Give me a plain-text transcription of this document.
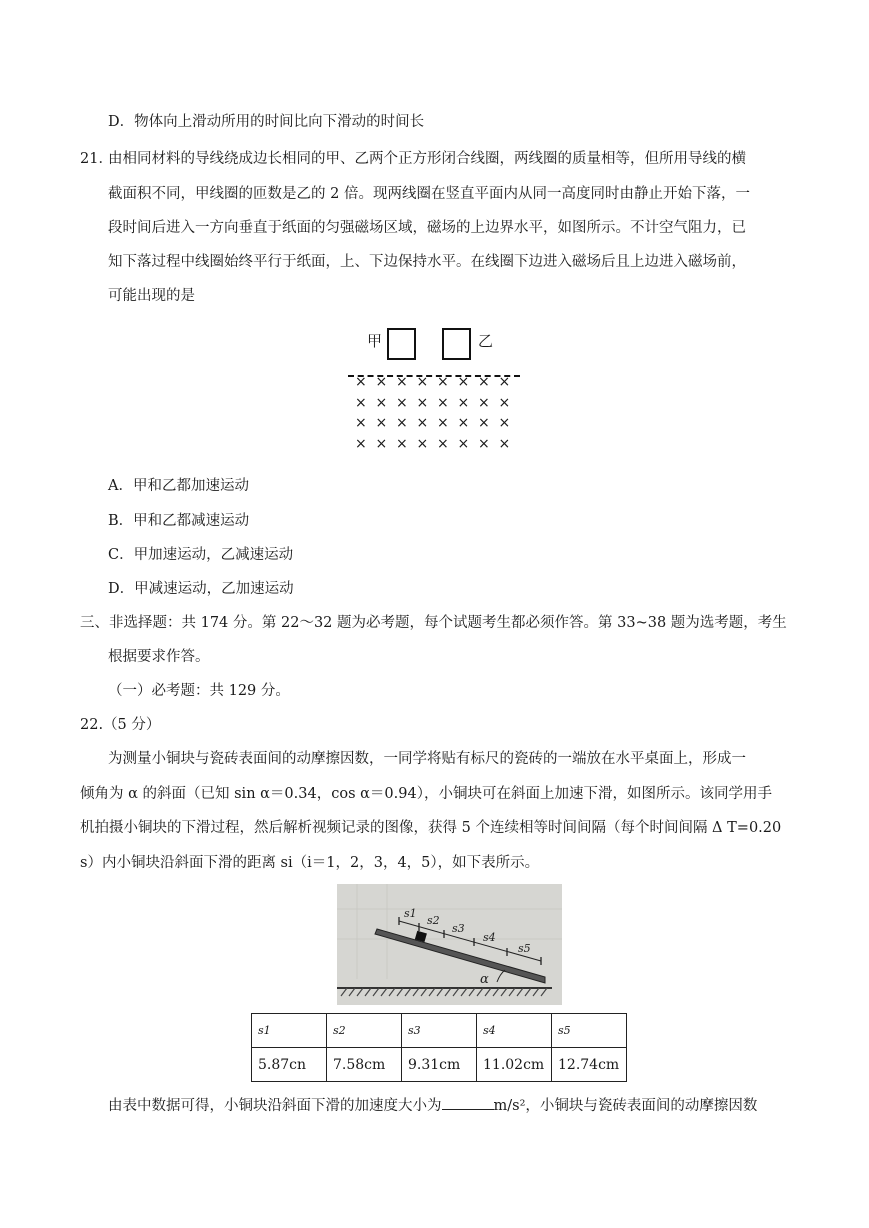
D．物体向上滑动所用的时间比向下滑动的时间长
21．
由相同材料的导线绕成边长相同的甲、乙两个正方形闭合线圈，两线圈的质量相等，但所用导线的横
截面积不同，甲线圈的匝数是乙的 2 倍。现两线圈在竖直平面内从同一高度同时由静止开始下落，一
段时间后进入一方向垂直于纸面的匀强磁场区域，磁场的上边界水平，如图所示。不计空气阻力，已
知下落过程中线圈始终平行于纸面，上、下边保持水平。在线圈下边进入磁场后且上边进入磁场前，
可能出现的是
甲	乙
× × × × × × × ×
× × × × × × × ×
× × × × × × × ×
× × × × × × × ×
A．甲和乙都加速运动
B．甲和乙都减速运动
C．甲加速运动，乙减速运动
D．甲减速运动，乙加速运动
三、非选择题：共 174 分。第 22～32 题为必考题，每个试题考生都必须作答。第 33~38 题为选考题，考生
根据要求作答。
（一）必考题：共 129 分。
22.（5 分）
为测量小铜块与瓷砖表面间的动摩擦因数，一同学将贴有标尺的瓷砖的一端放在水平桌面上，形成一
倾角为 α 的斜面（已知 sin α＝0.34，cos α＝0.94），小铜块可在斜面上加速下滑，如图所示。该同学用手
机拍摄小铜块的下滑过程，然后解析视频记录的图像，获得 5 个连续相等时间间隔（每个时间间隔 Δ T=0.20
s）内小铜块沿斜面下滑的距离 si（i＝1，2，3，4，5），如下表所示。
s1
s2
s3
s4
s5
α
s1	s2	s3	s4	s5
5.87cn	7.58cm	9.31cm	11.02cm	12.74cm
由表中数据可得，小铜块沿斜面下滑的加速度大小为	m/s²，小铜块与瓷砖表面间的动摩擦因数
